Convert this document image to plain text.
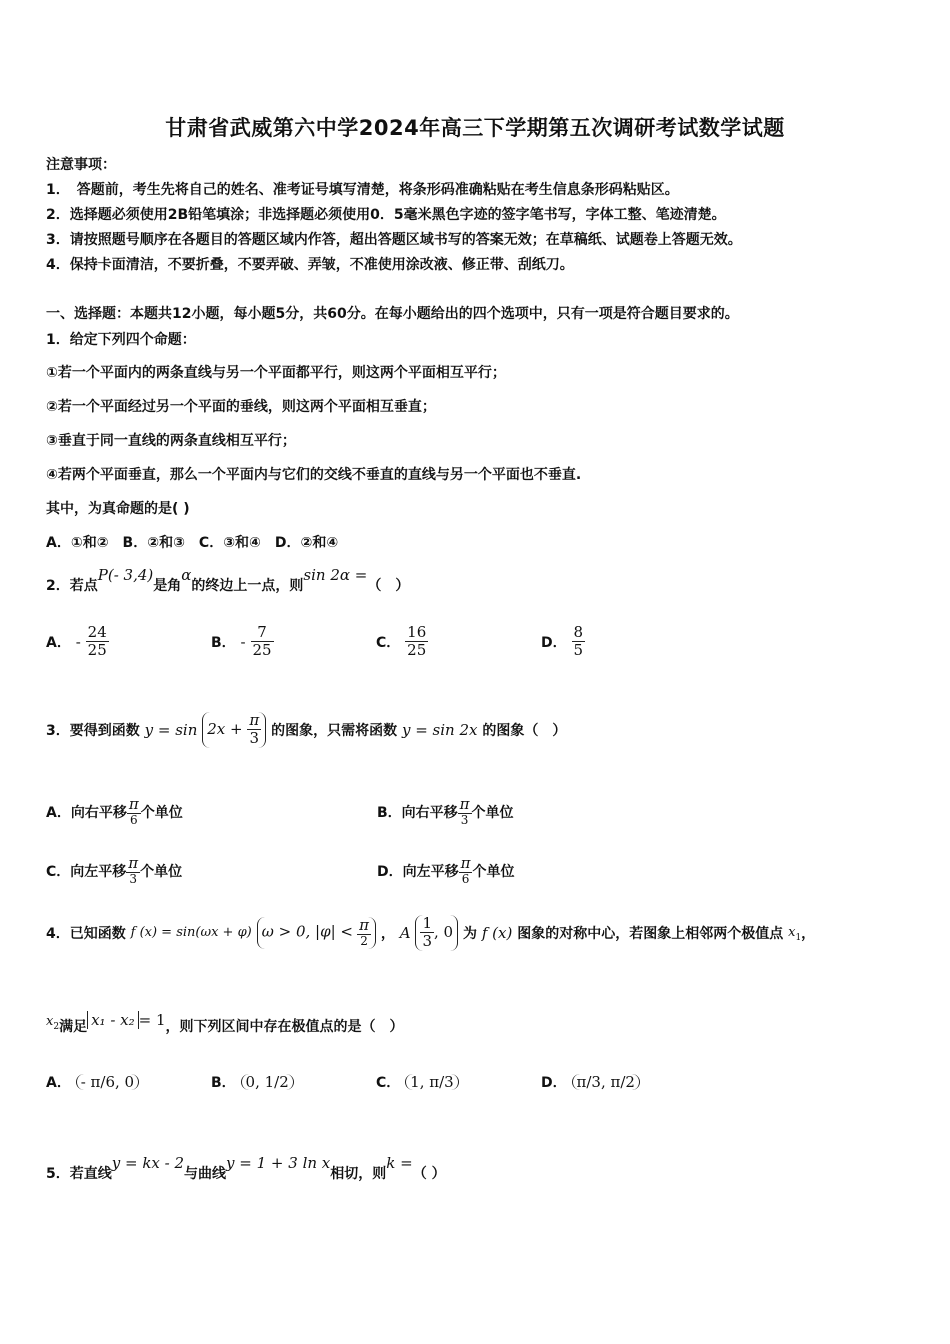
甘肃省武威第六中学2024年高三下学期第五次调研考试数学试题
注意事项：
1．　答题前，考生先将自己的姓名、准考证号填写清楚，将条形码准确粘贴在考生信息条形码粘贴区。
2．选择题必须使用2B铅笔填涂；非选择题必须使用0．5毫米黑色字迹的签字笔书写，字体工整、笔迹清楚。
3．请按照题号顺序在各题目的答题区域内作答，超出答题区域书写的答案无效；在草稿纸、试题卷上答题无效。
4．保持卡面清洁，不要折叠，不要弄破、弄皱，不准使用涂改液、修正带、刮纸刀。
一、选择题：本题共12小题，每小题5分，共60分。在每小题给出的四个选项中，只有一项是符合题目要求的。
1．给定下列四个命题：
①若一个平面内的两条直线与另一个平面都平行，则这两个平面相互平行；
②若一个平面经过另一个平面的垂线，则这两个平面相互垂直；
③垂直于同一直线的两条直线相互平行；
④若两个平面垂直，那么一个平面内与它们的交线不垂直的直线与另一个平面也不垂直.
其中，为真命题的是( )
A．①和②　B．②和③　C．③和④　D．②和④
2．若点P(- 3,4)是角α的终边上一点，则sin 2α =（　）
A． - $\frac{24}{25}$	B． - $\frac{7}{25}$	C． $\frac{16}{25}$	D． $\frac{8}{5}$
3．要得到函数 $y = \sin 2x + \frac{\pi}{3}$ 的图象，只需将函数 y = sin 2x 的图象（　）
A．向右平移 $\frac{\pi}{6}$ 个单位	B．向右平移 $\frac{\pi}{3}$ 个单位
C．向左平移 $\frac{\pi}{3}$ 个单位	D．向左平移 $\frac{\pi}{6}$ 个单位
4．已知函数 f (x) = sin(ωx + φ) ω > 0, $|\varphi| < \frac{\pi}{2}$ ， A $\frac{1}{3}$ , 0 为 f (x) 图象的对称中心，若图象上相邻两个极值点 x1，
x2满足 x₁ - x₂ = 1，则下列区间中存在极值点的是（　）
A． - π/6, 0	B． 0, 1/2	C． 1, π/3	D． π/3, π/2
5．若直线y = kx - 2与曲线y = 1 + 3 ln x相切，则k =（ ）
